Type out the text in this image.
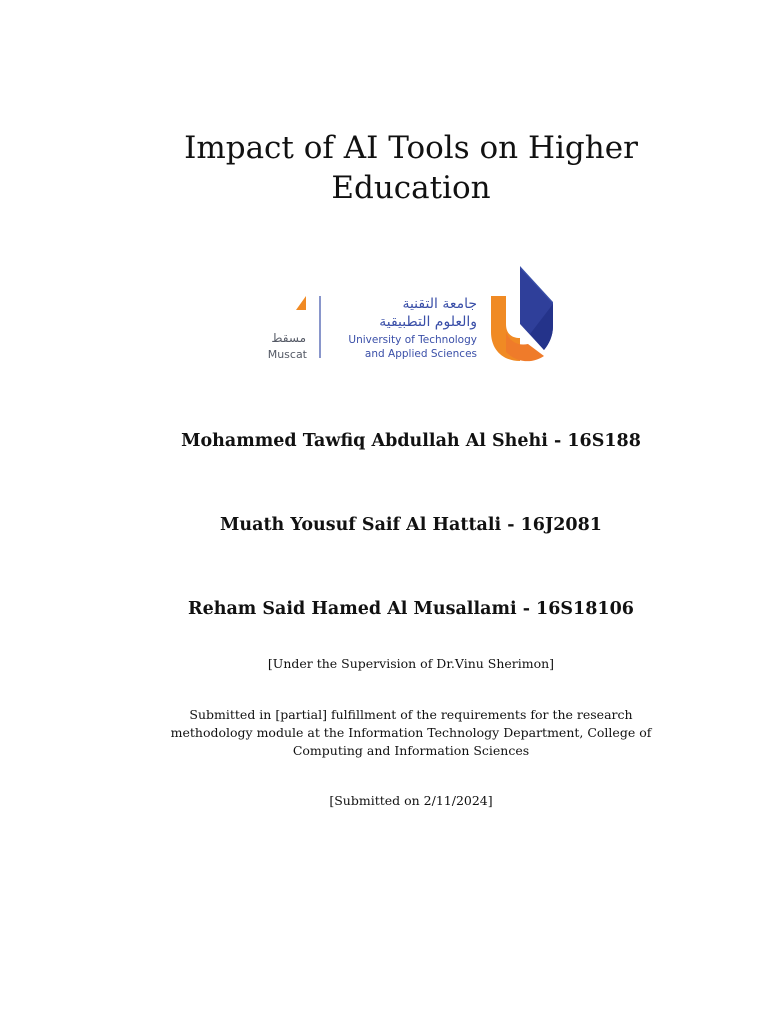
Impact of AI Tools on Higher Education
مسقط
Muscat
جامعة التقنية
والعلوم التطبيقية
University of Technology
and Applied Sciences

Mohammed Tawfiq Abdullah Al Shehi - 16S188

Muath Yousuf Saif Al Hattali - 16J2081

Reham Said Hamed Al Musallami - 16S18106

[Under the Supervision of Dr.Vinu Sherimon]

Submitted in [partial] fulfillment of the requirements for the research methodology module at the Information Technology Department, College of Computing and Information Sciences

[Submitted on 2/11/2024]
